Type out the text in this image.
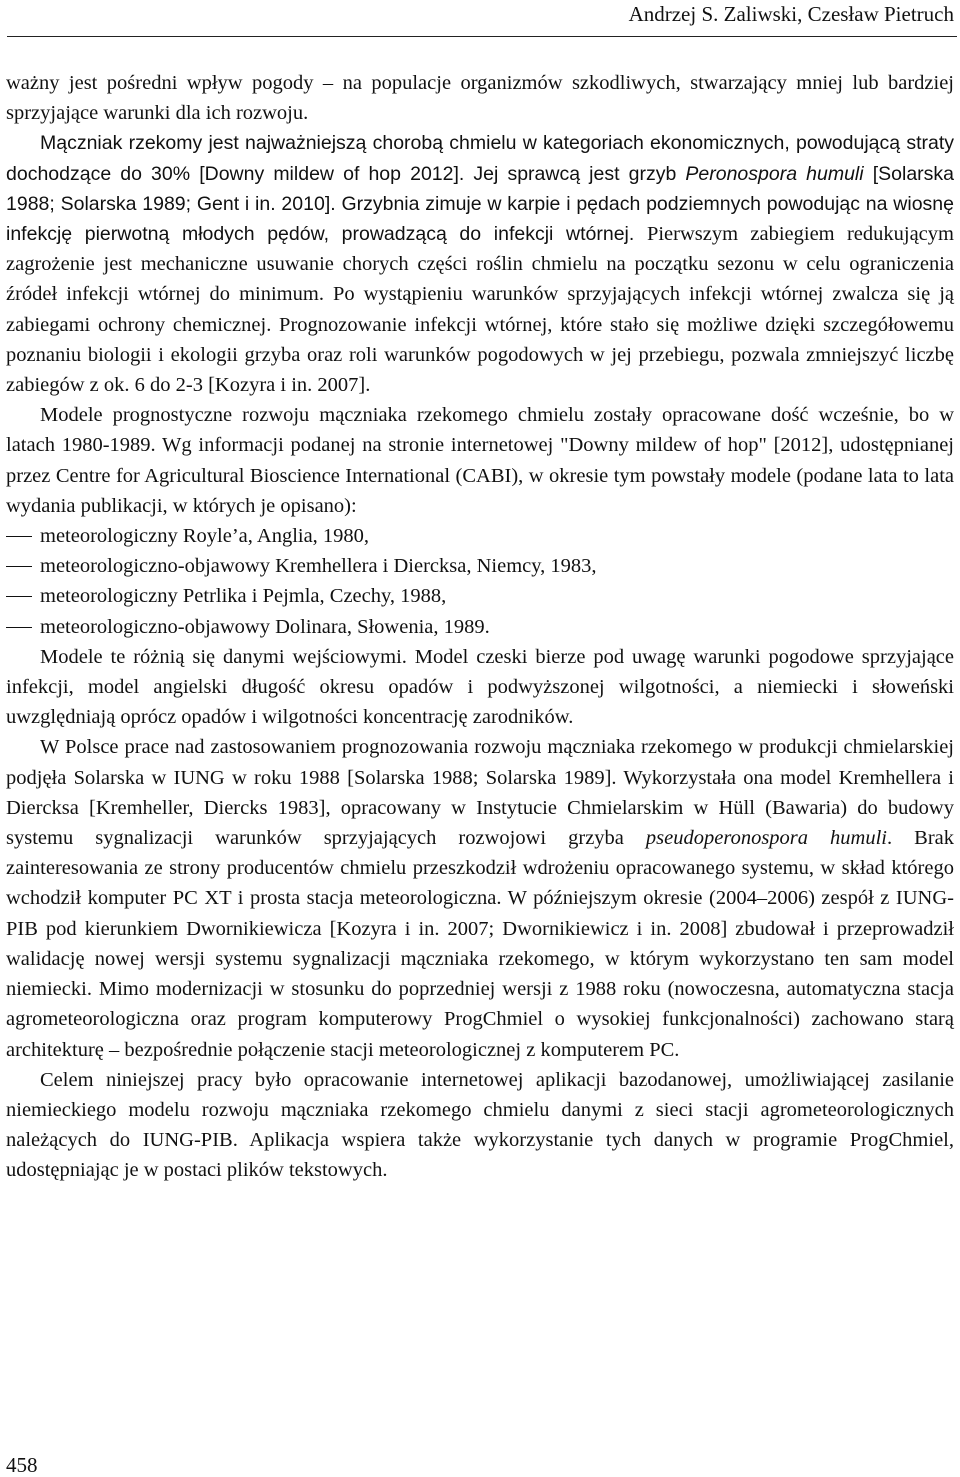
Andrzej S. Zaliwski, Czesław Pietruch

ważny jest pośredni wpływ pogody – na populacje organizmów szkodliwych, stwarzający mniej lub bardziej sprzyjające warunki dla ich rozwoju.
Mączniak rzekomy jest najważniejszą chorobą chmielu w kategoriach ekonomicznych, powodującą straty dochodzące do 30% [Downy mildew of hop 2012]. Jej sprawcą jest grzyb Peronospora humuli [Solarska 1988; Solarska 1989; Gent i in. 2010]. Grzybnia zimuje w karpie i pędach podziemnych powodując na wiosnę infekcję pierwotną młodych pędów, prowadzącą do infekcji wtórnej. Pierwszym zabiegiem redukującym zagrożenie jest mechaniczne usuwanie chorych części roślin chmielu na początku sezonu w celu ograniczenia źródeł infekcji wtórnej do minimum. Po wystąpieniu warunków sprzyjających infekcji wtórnej zwalcza się ją zabiegami ochrony chemicznej. Prognozowanie infekcji wtórnej, które stało się możliwe dzięki szczegółowemu poznaniu biologii i ekologii grzyba oraz roli warunków pogodowych w jej przebiegu, pozwala zmniejszyć liczbę zabiegów z ok. 6 do 2-3 [Kozyra i in. 2007].

Modele prognostyczne rozwoju mączniaka rzekomego chmielu zostały opracowane dość wcześnie, bo w latach 1980-1989. Wg informacji podanej na stronie internetowej "Downy mildew of hop" [2012], udostępnianej przez Centre for Agricultural Bioscience International (CABI), w okresie tym powstały modele (podane lata to lata wydania publikacji, w których je opisano):

meteorologiczny Royle’a, Anglia, 1980,
meteorologiczno-objawowy Kremhellera i Diercksa, Niemcy, 1983,
meteorologiczny Petrlika i Pejmla, Czechy, 1988,
meteorologiczno-objawowy Dolinara, Słowenia, 1989.

Modele te różnią się danymi wejściowymi. Model czeski bierze pod uwagę warunki pogodowe sprzyjające infekcji, model angielski długość okresu opadów i podwyższonej wilgotności, a niemiecki i słoweński uwzględniają oprócz opadów i wilgotności koncentrację zarodników.

W Polsce prace nad zastosowaniem prognozowania rozwoju mączniaka rzekomego w produkcji chmielarskiej podjęła Solarska w IUNG w roku 1988 [Solarska 1988; Solarska 1989]. Wykorzystała ona model Kremhellera i Diercksa [Kremheller, Diercks 1983], opracowany w Instytucie Chmielarskim w Hüll (Bawaria) do budowy systemu sygnalizacji warunków sprzyjających rozwojowi grzyba pseudoperonospora humuli. Brak zainteresowania ze strony producentów chmielu przeszkodził wdrożeniu opracowanego systemu, w skład którego wchodził komputer PC XT i prosta stacja meteorologiczna. W późniejszym okresie (2004–2006) zespół z IUNG-PIB pod kierunkiem Dwornikiewicza [Kozyra i in. 2007; Dwornikiewicz i in. 2008] zbudował i przeprowadził walidację nowej wersji systemu sygnalizacji mączniaka rzekomego, w którym wykorzystano ten sam model niemiecki. Mimo modernizacji w stosunku do poprzedniej wersji z 1988 roku (nowoczesna, automatyczna stacja agrometeorologiczna oraz program komputerowy ProgChmiel o wysokiej funkcjonalności) zachowano starą architekturę – bezpośrednie połączenie stacji meteorologicznej z komputerem PC.

Celem niniejszej pracy było opracowanie internetowej aplikacji bazodanowej, umożliwiającej zasilanie niemieckiego modelu rozwoju mączniaka rzekomego chmielu danymi z sieci stacji agrometeorologicznych należących do IUNG-PIB. Aplikacja wspiera także wykorzystanie tych danych w programie ProgChmiel, udostępniając je w postaci plików tekstowych.

458
